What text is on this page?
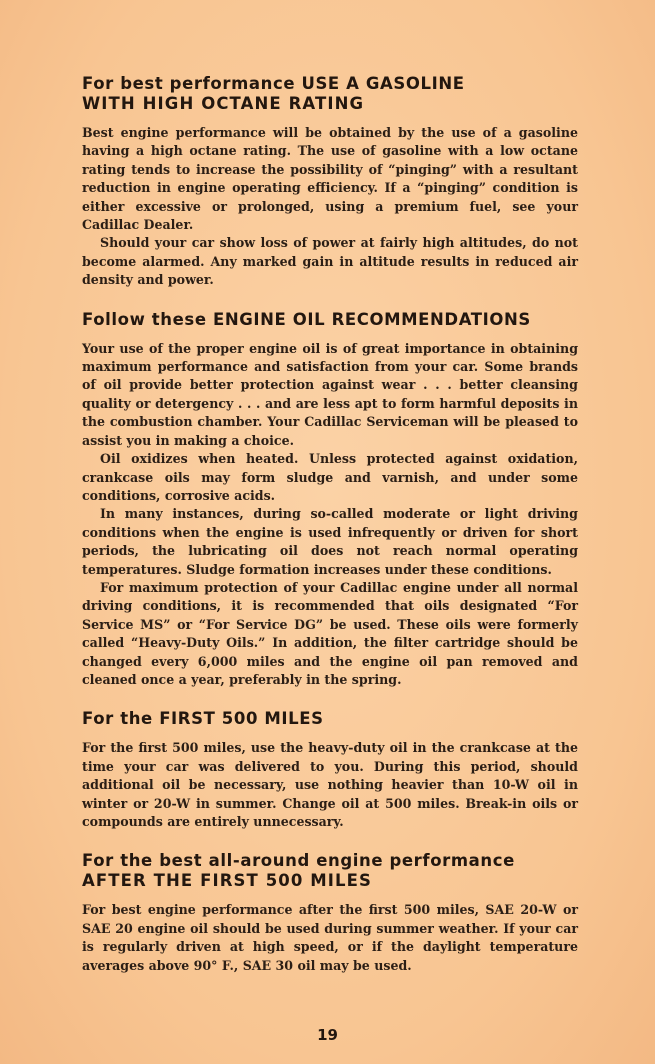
For best performance USE A GASOLINE
WITH HIGH OCTANE RATING

Best engine performance will be obtained by the use of a gasoline having a high octane rating. The use of gasoline with a low octane rating tends to increase the possibility of “pinging” with a resultant reduction in engine operating efficiency. If a “pinging” condition is either excessive or prolonged, using a premium fuel, see your Cadillac Dealer.

Should your car show loss of power at fairly high altitudes, do not become alarmed. Any marked gain in altitude results in reduced air density and power.

Follow these ENGINE OIL RECOMMENDATIONS

Your use of the proper engine oil is of great importance in obtaining maximum performance and satisfaction from your car. Some brands of oil provide better protection against wear . . . better cleansing quality or detergency . . . and are less apt to form harmful deposits in the combustion chamber. Your Cadillac Serviceman will be pleased to assist you in making a choice.

Oil oxidizes when heated. Unless protected against oxidation, crankcase oils may form sludge and varnish, and under some conditions, corrosive acids.

In many instances, during so-called moderate or light driving conditions when the engine is used infrequently or driven for short periods, the lubricating oil does not reach normal operating temperatures. Sludge formation increases under these conditions.

For maximum protection of your Cadillac engine under all normal driving conditions, it is recommended that oils designated “For Service MS” or “For Service DG” be used. These oils were formerly called “Heavy-Duty Oils.” In addition, the filter cartridge should be changed every 6,000 miles and the engine oil pan removed and cleaned once a year, preferably in the spring.

For the FIRST 500 MILES

For the first 500 miles, use the heavy-duty oil in the crankcase at the time your car was delivered to you. During this period, should additional oil be necessary, use nothing heavier than 10-W oil in winter or 20-W in summer. Change oil at 500 miles. Break-in oils or compounds are entirely unnecessary.

For the best all-around engine performance
AFTER THE FIRST 500 MILES

For best engine performance after the first 500 miles, SAE 20-W or SAE 20 engine oil should be used during summer weather. If your car is regularly driven at high speed, or if the daylight temperature averages above 90° F., SAE 30 oil may be used.

19
